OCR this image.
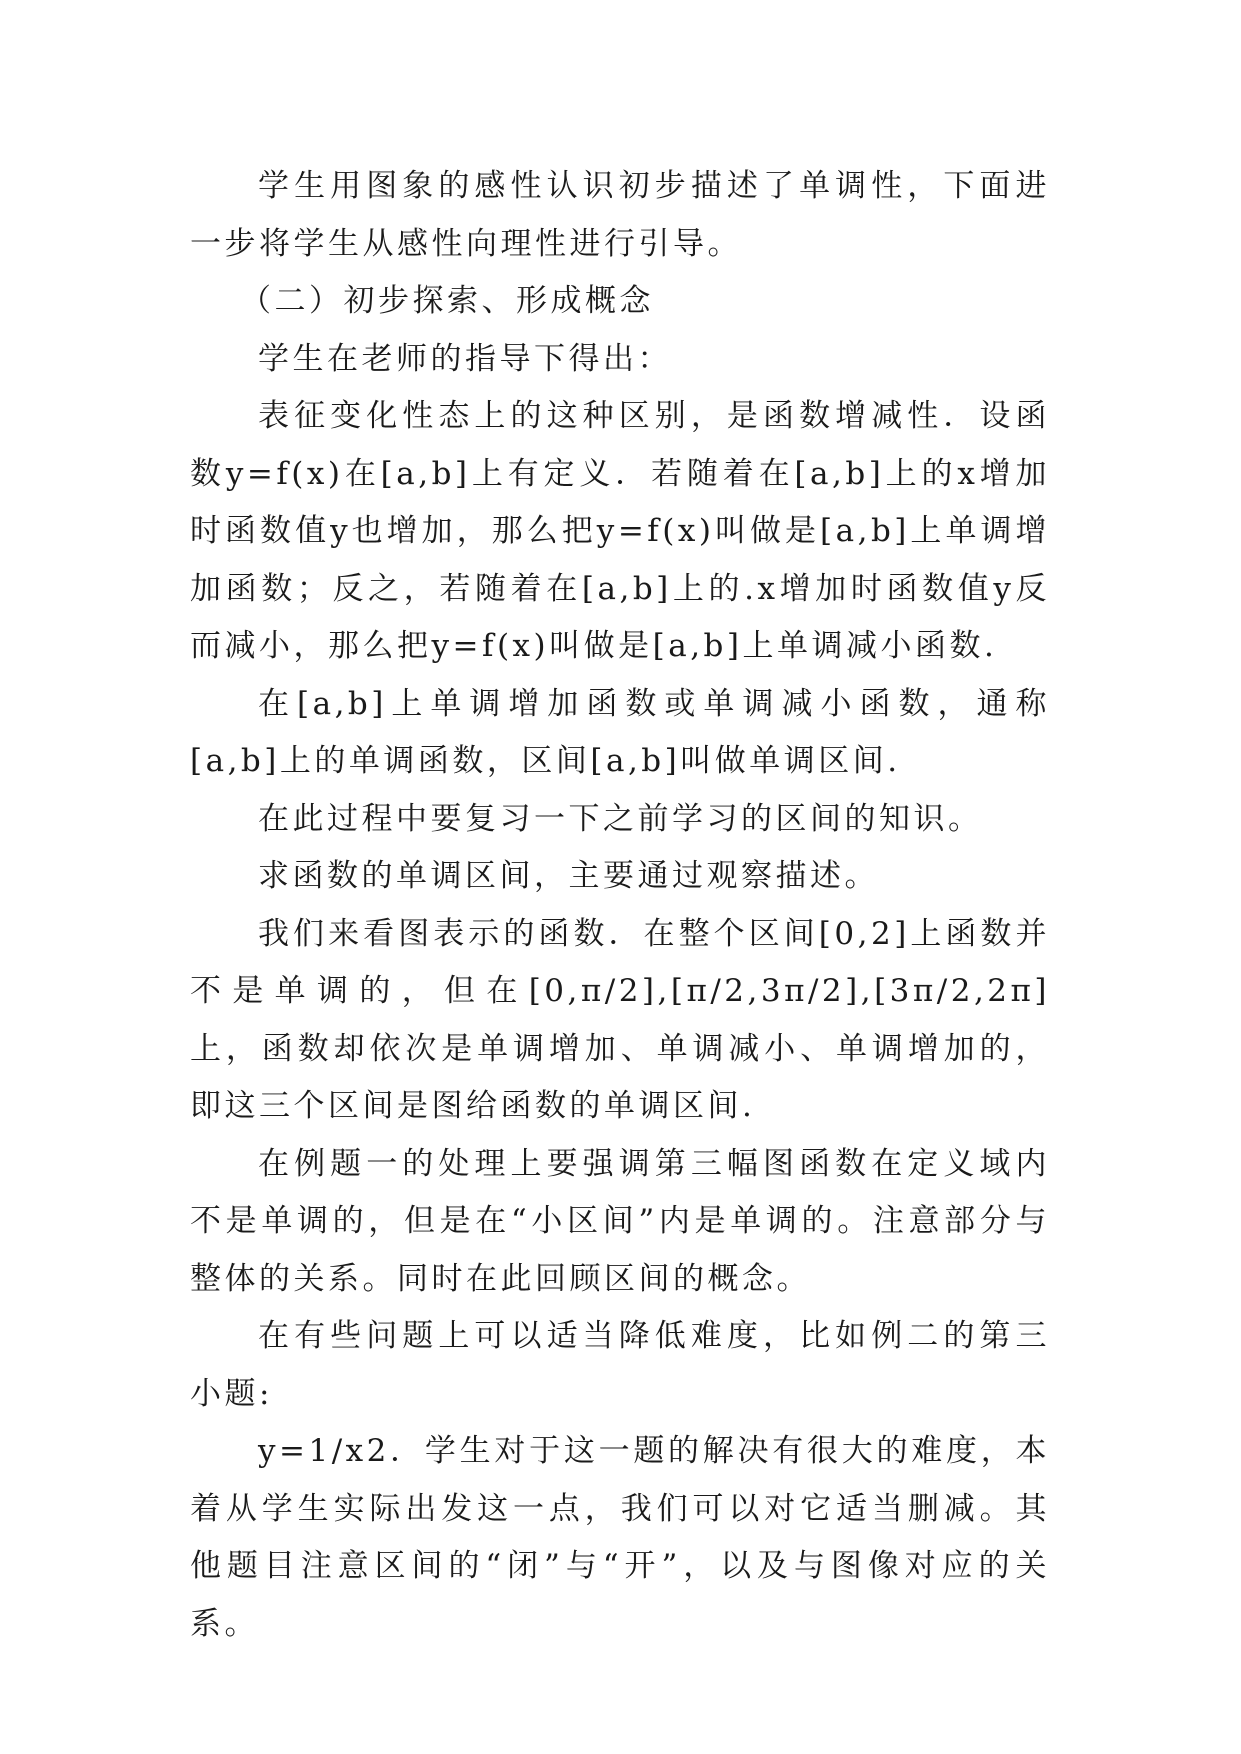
学生用图象的感性认识初步描述了单调性，下面进一步将学生从感性向理性进行引导。

（二）初步探索、形成概念

学生在老师的指导下得出：

表征变化性态上的这种区别，是函数增减性．设函数y=f(x)在[a,b]上有定义．若随着在[a,b]上的x增加时函数值y也增加，那么把y=f(x)叫做是[a,b]上单调增加函数；反之，若随着在[a,b]上的.x增加时函数值y反而减小，那么把y=f(x)叫做是[a,b]上单调减小函数.

在[a,b]上单调增加函数或单调减小函数，通称[a,b]上的单调函数，区间[a,b]叫做单调区间.

在此过程中要复习一下之前学习的区间的知识。

求函数的单调区间，主要通过观察描述。

我们来看图表示的函数．在整个区间[0,2]上函数并不是单调的，但在[0,π/2],[π/2,3π/2],[3π/2,2π]上，函数却依次是单调增加、单调减小、单调增加的，即这三个区间是图给函数的单调区间.

在例题一的处理上要强调第三幅图函数在定义域内不是单调的，但是在“小区间”内是单调的。注意部分与整体的关系。同时在此回顾区间的概念。

在有些问题上可以适当降低难度，比如例二的第三小题:

y=1/x2．学生对于这一题的解决有很大的难度，本着从学生实际出发这一点，我们可以对它适当删减。其他题目注意区间的“闭”与“开”，以及与图像对应的关系。
